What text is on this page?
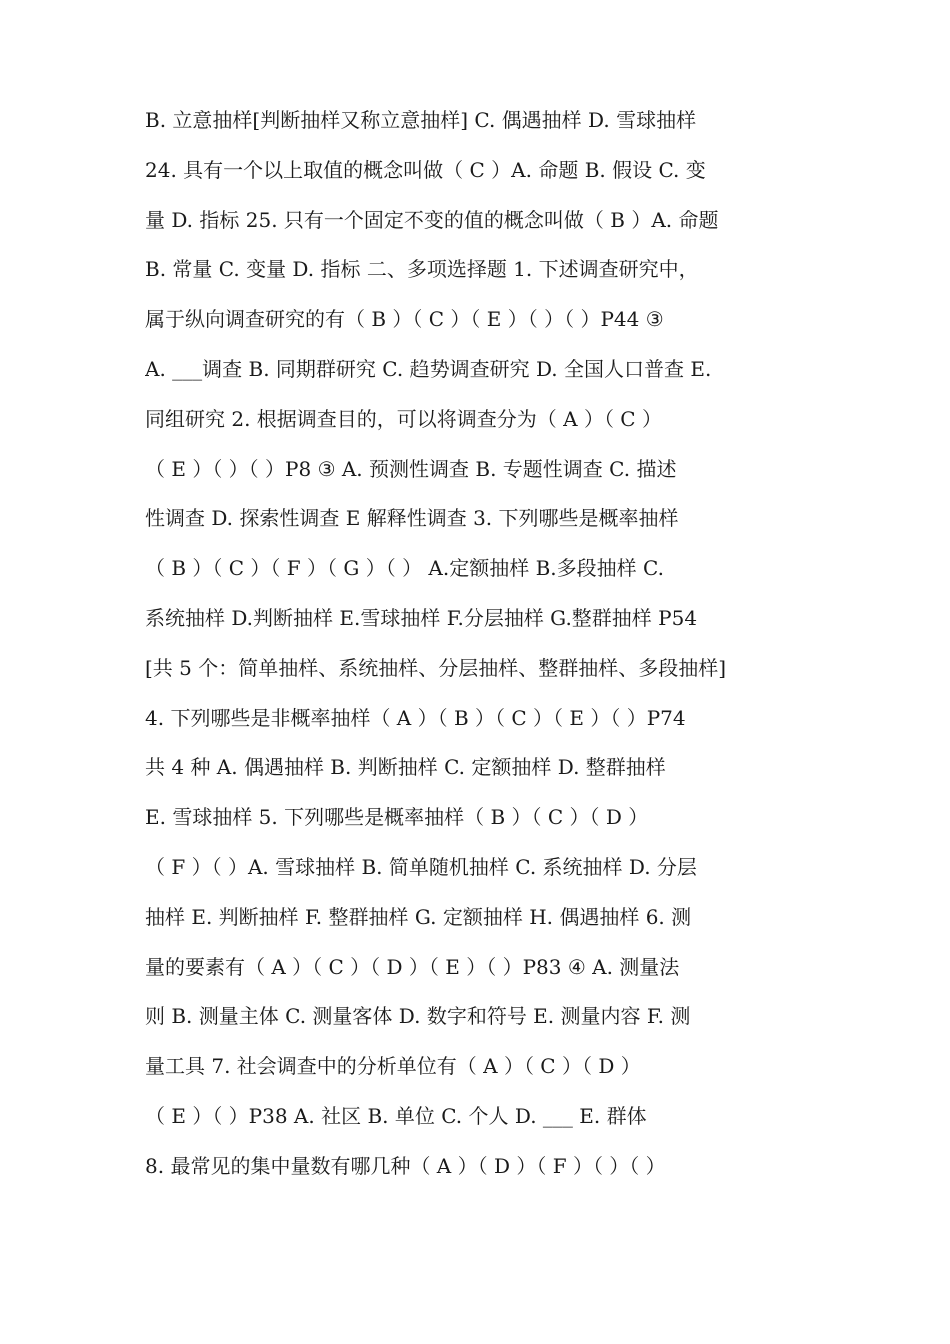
B. 立意抽样[判断抽样又称立意抽样] C. 偶遇抽样 D. 雪球抽样
24. 具有一个以上取值的概念叫做（ C ）A. 命题 B. 假设 C. 变
量 D. 指标 25. 只有一个固定不变的值的概念叫做（ B ）A. 命题
B. 常量 C. 变量 D. 指标 二、多项选择题 1. 下述调查研究中，
属于纵向调查研究的有（ B ）（ C ）（ E ）（ ）（ ）P44 ③
A. ___调查 B. 同期群研究 C. 趋势调查研究 D. 全国人口普查 E.
同组研究 2. 根据调查目的，可以将调查分为（ A ）（ C ）
（ E ）（ ）（ ）P8 ③ A. 预测性调查 B. 专题性调查 C. 描述
性调查 D. 探索性调查 E 解释性调查 3. 下列哪些是概率抽样
（ B ）（ C ）（ F ）（ G ）（ ） A.定额抽样 B.多段抽样 C.
系统抽样 D.判断抽样 E.雪球抽样 F.分层抽样 G.整群抽样 P54
[共 5 个：简单抽样、系统抽样、分层抽样、整群抽样、多段抽样]
4. 下列哪些是非概率抽样（ A ）（ B ）（ C ）（ E ）（ ）P74
共 4 种 A. 偶遇抽样 B. 判断抽样 C. 定额抽样 D. 整群抽样
E. 雪球抽样 5. 下列哪些是概率抽样（ B ）（ C ）（ D ）
（ F ）（ ）A. 雪球抽样 B. 简单随机抽样 C. 系统抽样 D. 分层
抽样 E. 判断抽样 F. 整群抽样 G. 定额抽样 H. 偶遇抽样 6. 测
量的要素有（ A ）（ C ）（ D ）（ E ）（ ）P83 ④ A. 测量法
则 B. 测量主体 C. 测量客体 D. 数字和符号 E. 测量内容 F. 测
量工具 7. 社会调查中的分析单位有（ A ）（ C ）（ D ）
（ E ）（ ）P38 A. 社区 B. 单位 C. 个人 D. ___ E. 群体
8. 最常见的集中量数有哪几种（ A ）（ D ）（ F ）（ ）（ ）
